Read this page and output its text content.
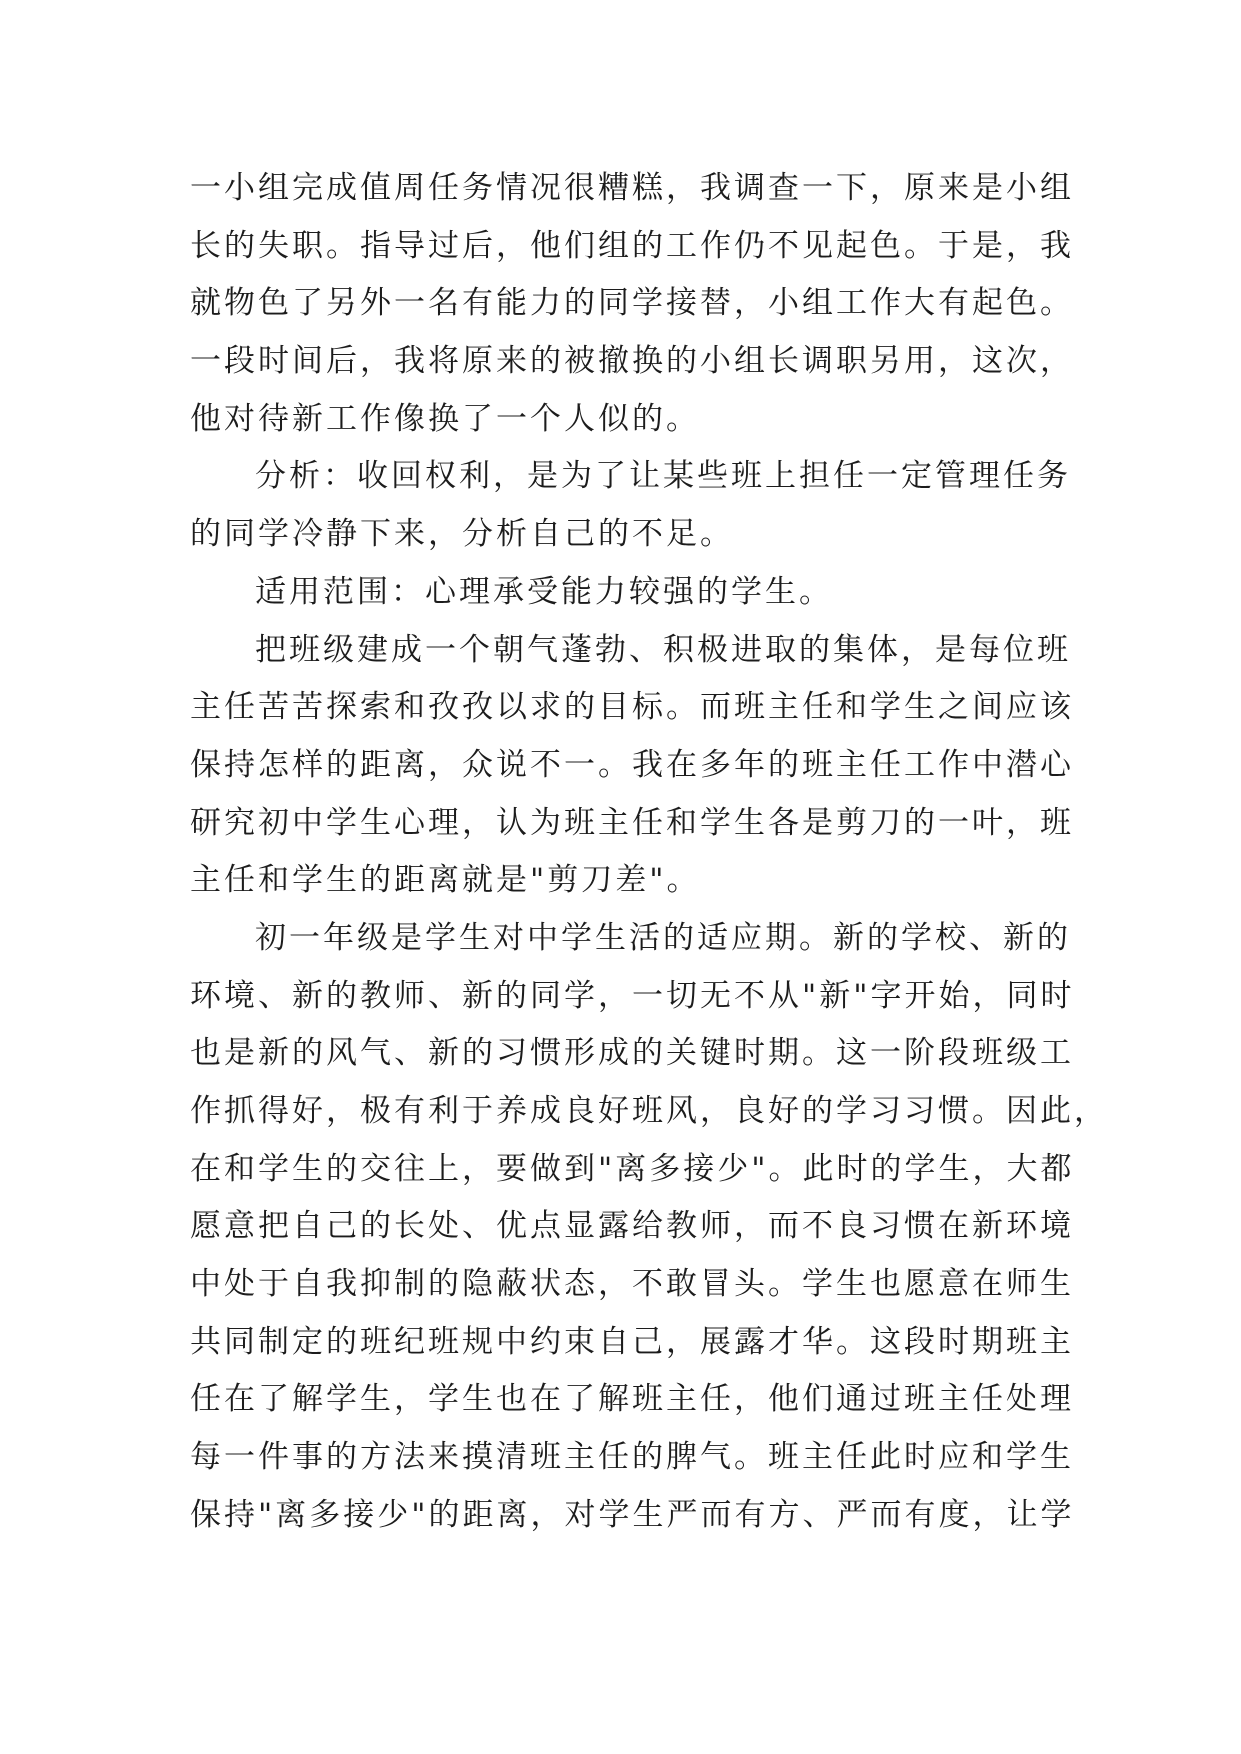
一小组完成值周任务情况很糟糕，我调查一下，原来是小组
长的失职。指导过后，他们组的工作仍不见起色。于是，我
就物色了另外一名有能力的同学接替，小组工作大有起色。
一段时间后，我将原来的被撤换的小组长调职另用，这次，
他对待新工作像换了一个人似的。
分析：收回权利，是为了让某些班上担任一定管理任务
的同学冷静下来，分析自己的不足。
适用范围：心理承受能力较强的学生。
把班级建成一个朝气蓬勃、积极进取的集体，是每位班
主任苦苦探索和孜孜以求的目标。而班主任和学生之间应该
保持怎样的距离，众说不一。我在多年的班主任工作中潜心
研究初中学生心理，认为班主任和学生各是剪刀的一叶，班
主任和学生的距离就是"剪刀差"。
初一年级是学生对中学生活的适应期。新的学校、新的
环境、新的教师、新的同学，一切无不从"新"字开始，同时
也是新的风气、新的习惯形成的关键时期。这一阶段班级工
作抓得好，极有利于养成良好班风，良好的学习习惯。因此，
在和学生的交往上，要做到"离多接少"。此时的学生，大都
愿意把自己的长处、优点显露给教师，而不良习惯在新环境
中处于自我抑制的隐蔽状态，不敢冒头。学生也愿意在师生
共同制定的班纪班规中约束自己，展露才华。这段时期班主
任在了解学生，学生也在了解班主任，他们通过班主任处理
每一件事的方法来摸清班主任的脾气。班主任此时应和学生
保持"离多接少"的距离，对学生严而有方、严而有度，让学
